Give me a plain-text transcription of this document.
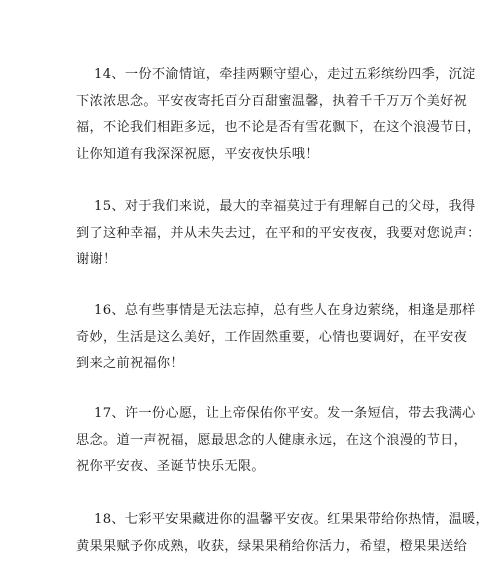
14、一份不渝情谊，牵挂两颗守望心，走过五彩缤纷四季，沉淀
下浓浓思念。平安夜寄托百分百甜蜜温馨，执着千千万万个美好祝
福，不论我们相距多远，也不论是否有雪花飘下，在这个浪漫节日，
让你知道有我深深祝愿，平安夜快乐哦！

15、对于我们来说，最大的幸福莫过于有理解自己的父母，我得
到了这种幸福，并从未失去过，在平和的平安夜夜，我要对您说声：
谢谢！

16、总有些事情是无法忘掉，总有些人在身边萦绕，相逢是那样
奇妙，生活是这么美好，工作固然重要，心情也要调好，在平安夜
到来之前祝福你！

17、许一份心愿，让上帝保佑你平安。发一条短信，带去我满心
思念。道一声祝福，愿最思念的人健康永远，在这个浪漫的节日，
祝你平安夜、圣诞节快乐无限。

18、七彩平安果藏进你的温馨平安夜。红果果带给你热情，温暖，
黄果果赋予你成熟，收获，绿果果稍给你活力，希望，橙果果送给
